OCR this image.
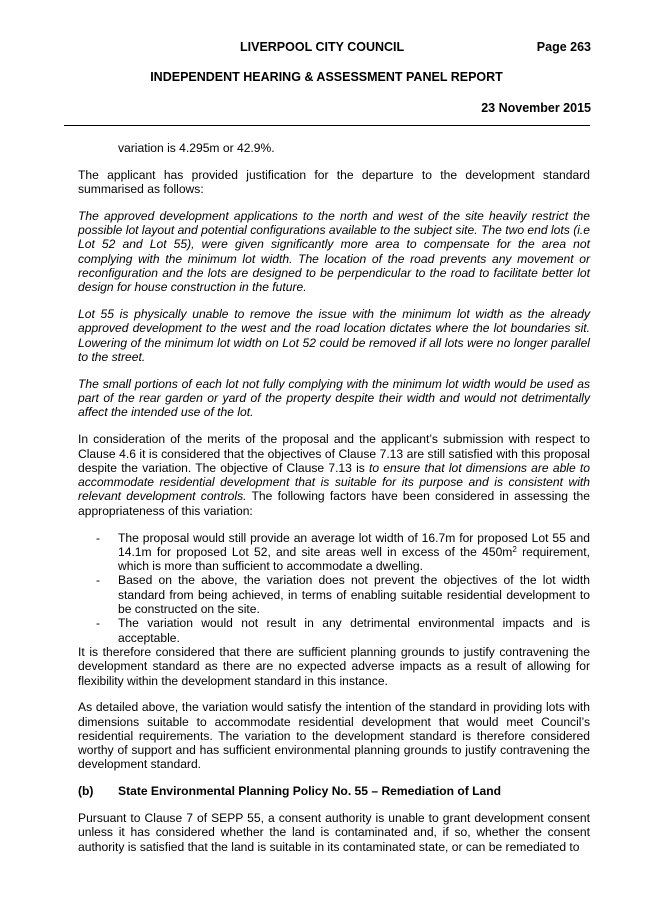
LIVERPOOL CITY COUNCIL	Page 263
INDEPENDENT HEARING & ASSESSMENT PANEL REPORT
23 November 2015

variation is 4.295m or 42.9%.

The applicant has provided justification for the departure to the development standard summarised as follows:

The approved development applications to the north and west of the site heavily restrict the possible lot layout and potential configurations available to the subject site. The two end lots (i.e Lot 52 and Lot 55), were given significantly more area to compensate for the area not complying with the minimum lot width. The location of the road prevents any movement or reconfiguration and the lots are designed to be perpendicular to the road to facilitate better lot design for house construction in the future.

Lot 55 is physically unable to remove the issue with the minimum lot width as the already approved development to the west and the road location dictates where the lot boundaries sit. Lowering of the minimum lot width on Lot 52 could be removed if all lots were no longer parallel to the street.

The small portions of each lot not fully complying with the minimum lot width would be used as part of the rear garden or yard of the property despite their width and would not detrimentally affect the intended use of the lot.

In consideration of the merits of the proposal and the applicant’s submission with respect to Clause 4.6 it is considered that the objectives of Clause 7.13 are still satisfied with this proposal despite the variation. The objective of Clause 7.13 is to ensure that lot dimensions are able to accommodate residential development that is suitable for its purpose and is consistent with relevant development controls. The following factors have been considered in assessing the appropriateness of this variation:

- The proposal would still provide an average lot width of 16.7m for proposed Lot 55 and 14.1m for proposed Lot 52, and site areas well in excess of the $450m^2$ requirement, which is more than sufficient to accommodate a dwelling.
- Based on the above, the variation does not prevent the objectives of the lot width standard from being achieved, in terms of enabling suitable residential development to be constructed on the site.
- The variation would not result in any detrimental environmental impacts and is acceptable.

It is therefore considered that there are sufficient planning grounds to justify contravening the development standard as there are no expected adverse impacts as a result of allowing for flexibility within the development standard in this instance.

As detailed above, the variation would satisfy the intention of the standard in providing lots with dimensions suitable to accommodate residential development that would meet Council’s residential requirements. The variation to the development standard is therefore considered worthy of support and has sufficient environmental planning grounds to justify contravening the development standard.

(b)	State Environmental Planning Policy No. 55 – Remediation of Land

Pursuant to Clause 7 of SEPP 55, a consent authority is unable to grant development consent unless it has considered whether the land is contaminated and, if so, whether the consent authority is satisfied that the land is suitable in its contaminated state, or can be remediated to
